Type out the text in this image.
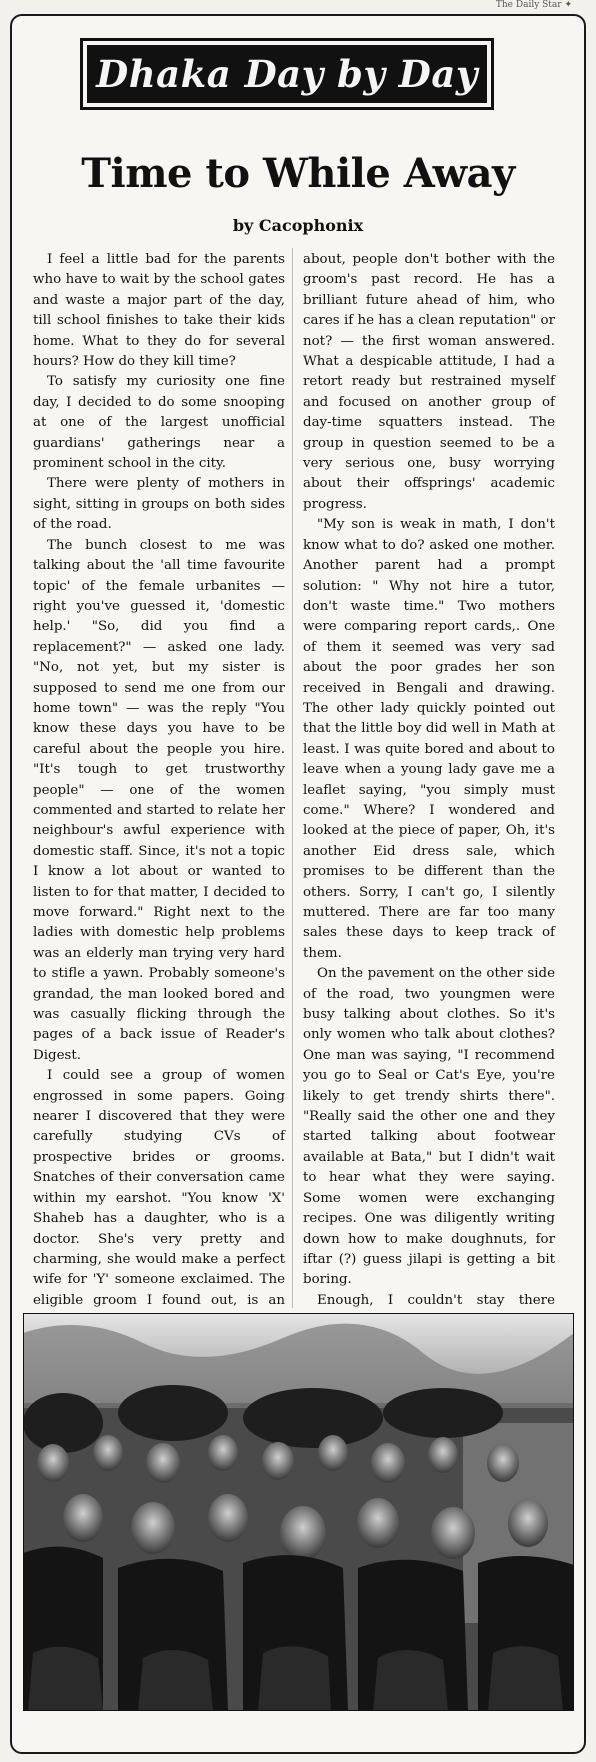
The Daily Star ✦
Dhaka Day by Day
Time to While Away
by Cacophonix

I feel a little bad for the parents who have to wait by the school gates and waste a major part of the day, till school finishes to take their kids home. What to they do for several hours? How do they kill time?

To satisfy my curiosity one fine day, I decided to do some snooping at one of the largest unofficial guardians' gatherings near a prominent school in the city.

There were plenty of mothers in sight, sitting in groups on both sides of the road.

The bunch closest to me was talking about the 'all time favourite topic' of the female urbanites — right you've guessed it, 'domestic help.' "So, did you find a replacement?" — asked one lady. "No, not yet, but my sister is supposed to send me one from our home town" — was the reply "You know these days you have to be careful about the people you hire. "It's tough to get trustworthy people" — one of the women commented and started to relate her neighbour's awful experience with domestic staff. Since, it's not a topic I know a lot about or wanted to listen to for that matter, I decided to move forward." Right next to the ladies with domestic help problems was an elderly man trying very hard to stifle a yawn. Probably someone's grandad, the man looked bored and was casually flicking through the pages of a back issue of Reader's Digest.

I could see a group of women engrossed in some papers. Going nearer I discovered that they were carefully studying CVs of prospective brides or grooms. Snatches of their conversation came within my earshot. "You know 'X' Shaheb has a daughter, who is a doctor. She's very pretty and charming, she would make a perfect wife for 'Y' someone exclaimed. The eligible groom I found out, is an

about, people don't bother with the groom's past record. He has a brilliant future ahead of him, who cares if he has a clean reputation" or not? — the first woman answered. What a despicable attitude, I had a retort ready but restrained myself and focused on another group of day-time squatters instead. The group in question seemed to be a very serious one, busy worrying about their offsprings' academic progress.

"My son is weak in math, I don't know what to do? asked one mother. Another parent had a prompt solution: " Why not hire a tutor, don't waste time." Two mothers were comparing report cards,. One of them it seemed was very sad about the poor grades her son received in Bengali and drawing. The other lady quickly pointed out that the little boy did well in Math at least. I was quite bored and about to leave when a young lady gave me a leaflet saying, "you simply must come." Where? I wondered and looked at the piece of paper, Oh, it's another Eid dress sale, which promises to be different than the others. Sorry, I can't go, I silently muttered. There are far too many sales these days to keep track of them.

On the pavement on the other side of the road, two youngmen were busy talking about clothes. So it's only women who talk about clothes? One man was saying, "I recommend you go to Seal or Cat's Eye, you're likely to get trendy shirts there". "Really said the other one and they started talking about footwear available at Bata," but I didn't wait to hear what they were saying. Some women were exchanging recipes. One was diligently writing down how to make doughnuts, for iftar (?) guess jilapi is getting a bit boring.

Enough, I couldn't stay there
